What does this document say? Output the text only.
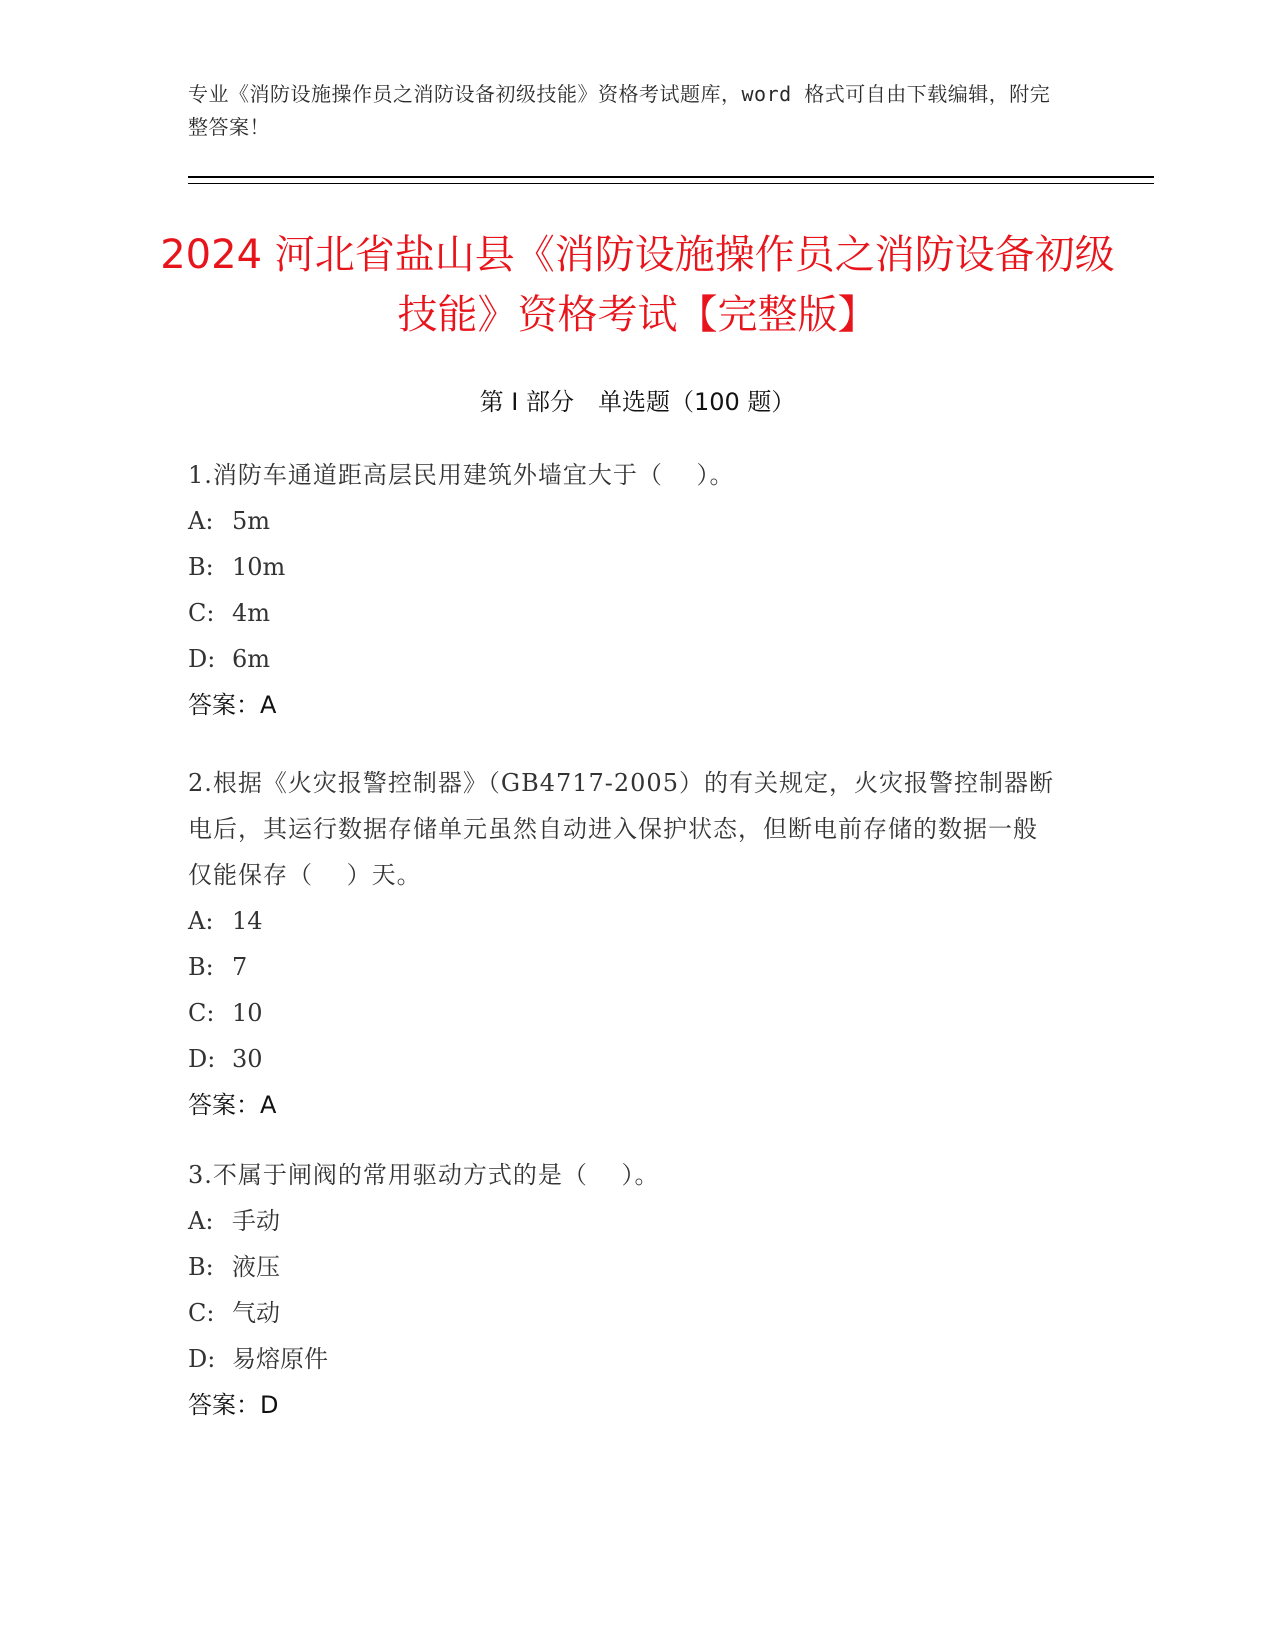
专业《消防设施操作员之消防设备初级技能》资格考试题库，word 格式可自由下载编辑，附完整答案！
2024 河北省盐山县《消防设施操作员之消防设备初级技能》资格考试【完整版】
第 I 部分　单选题（100 题）
1.消防车通道距高层民用建筑外墙宜大于（　 ）。
A: 5m
B: 10m
C: 4m
D: 6m
答案：A
2.根据《火灾报警控制器》（GB4717-2005）的有关规定，火灾报警控制器断电后，其运行数据存储单元虽然自动进入保护状态，但断电前存储的数据一般仅能保存（　 ）天。
A: 14
B: 7
C: 10
D: 30
答案：A
3.不属于闸阀的常用驱动方式的是（　 ）。
A: 手动
B: 液压
C: 气动
D: 易熔原件
答案：D
